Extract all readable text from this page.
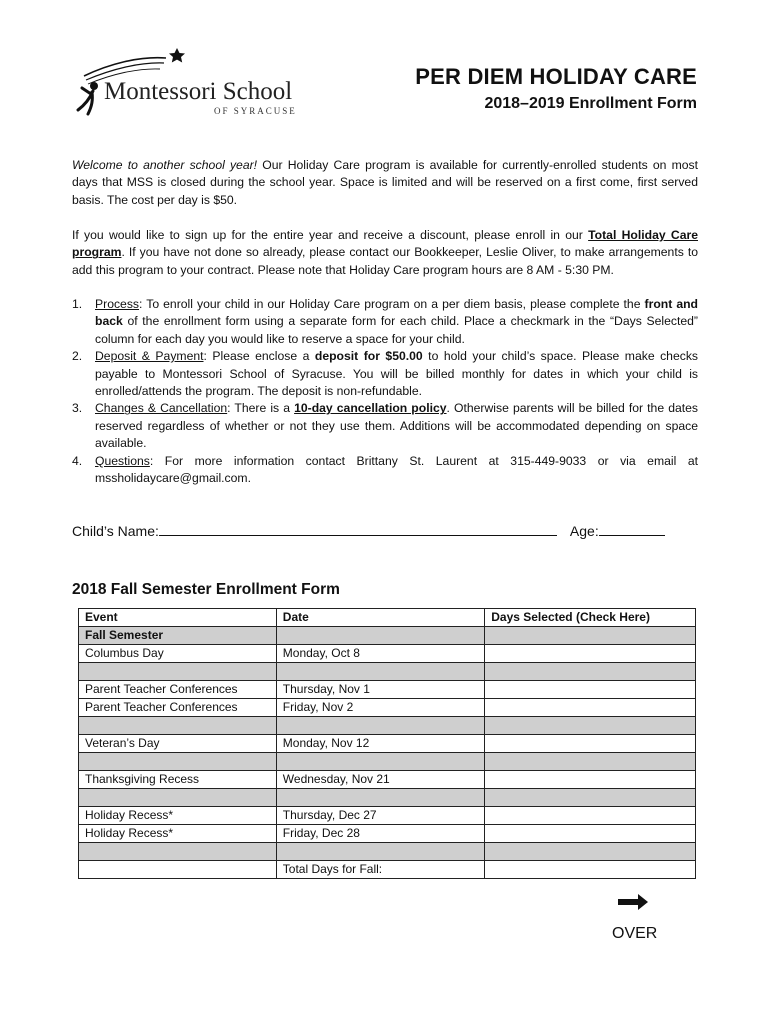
Montessori School
OF SYRACUSE
PER DIEM HOLIDAY CARE
2018–2019 Enrollment Form

Welcome to another school year! Our Holiday Care program is available for currently-enrolled students on most days that MSS is closed during the school year. Space is limited and will be reserved on a first come, first served basis. The cost per day is $50.

If you would like to sign up for the entire year and receive a discount, please enroll in our Total Holiday Care program. If you have not done so already, please contact our Bookkeeper, Leslie Oliver, to make arrangements to add this program to your contract. Please note that Holiday Care program hours are 8 AM - 5:30 PM.

1. Process: To enroll your child in our Holiday Care program on a per diem basis, please complete the front and back of the enrollment form using a separate form for each child. Place a checkmark in the “Days Selected” column for each day you would like to reserve a space for your child.
2. Deposit & Payment: Please enclose a deposit for $50.00 to hold your child’s space. Please make checks payable to Montessori School of Syracuse. You will be billed monthly for dates in which your child is enrolled/attends the program. The deposit is non-refundable.
3. Changes & Cancellation: There is a 10-day cancellation policy. Otherwise parents will be billed for the dates reserved regardless of whether or not they use them. Additions will be accommodated depending on space available.
4. Questions: For more information contact Brittany St. Laurent at 315-449-9033 or via email at mssholidaycare@gmail.com.
Child’s Name:	Age:
2018 Fall Semester Enrollment Form
Event	Date	Days Selected (Check Here)
Fall Semester		
Columbus Day	Monday, Oct 8	

Parent Teacher Conferences	Thursday, Nov 1	
Parent Teacher Conferences	Friday, Nov 2	

Veteran’s Day	Monday, Nov 12	

Thanksgiving Recess	Wednesday, Nov 21	

Holiday Recess*	Thursday, Dec 27	
Holiday Recess*	Friday, Dec 28	

	Total Days for Fall:	
OVER
